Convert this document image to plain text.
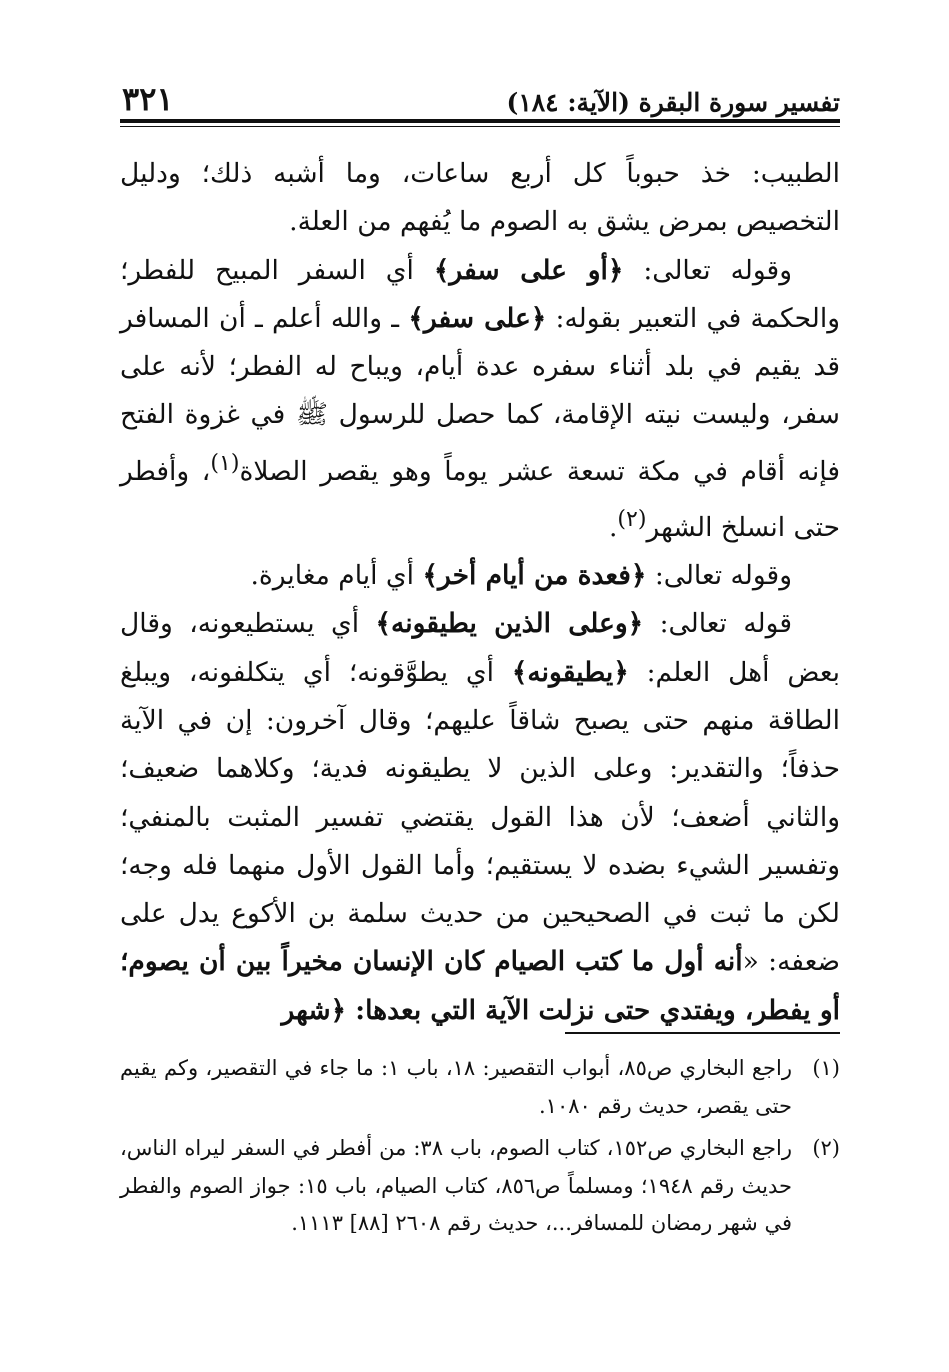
تفسير سورة البقرة (الآية: ١٨٤)
٣٢١

الطبيب: خذ حبوباً كل أربع ساعات، وما أشبه ذلك؛ ودليل التخصيص بمرض يشق به الصوم ما يُفهم من العلة.

وقوله تعالى: ﴿أو على سفر﴾ أي السفر المبيح للفطر؛ والحكمة في التعبير بقوله: ﴿على سفر﴾ ـ والله أعلم ـ أن المسافر قد يقيم في بلد أثناء سفره عدة أيام، ويباح له الفطر؛ لأنه على سفر، وليست نيته الإقامة، كما حصل للرسول ﷺ في غزوة الفتح فإنه أقام في مكة تسعة عشر يوماً وهو يقصر الصلاة$^{(١)}$، وأفطر حتى انسلخ الشهر$^{(٢)}$.

وقوله تعالى: ﴿فعدة من أيام أخر﴾ أي أيام مغايرة.

قوله تعالى: ﴿وعلى الذين يطيقونه﴾ أي يستطيعونه، وقال بعض أهل العلم: ﴿يطيقونه﴾ أي يطوَّقونه؛ أي يتكلفونه، ويبلغ الطاقة منهم حتى يصبح شاقاً عليهم؛ وقال آخرون: إن في الآية حذفاً؛ والتقدير: وعلى الذين لا يطيقونه فدية؛ وكلاهما ضعيف؛ والثاني أضعف؛ لأن هذا القول يقتضي تفسير المثبت بالمنفي؛ وتفسير الشيء بضده لا يستقيم؛ وأما القول الأول منهما فله وجه؛ لكن ما ثبت في الصحيحين من حديث سلمة بن الأكوع يدل على ضعفه: «أنه أول ما كتب الصيام كان الإنسان مخيراً بين أن يصوم؛ أو يفطر، ويفتدي حتى نزلت الآية التي بعدها: ﴿شهر

(١)
راجع البخاري ص٨٥، أبواب التقصير: ١٨، باب ١: ما جاء في التقصير، وكم يقيم حتى يقصر، حديث رقم ١٠٨٠.
(٢)
راجع البخاري ص١٥٢، كتاب الصوم، باب ٣٨: من أفطر في السفر ليراه الناس، حديث رقم ١٩٤٨؛ ومسلماً ص٨٥٦، كتاب الصيام، باب ١٥: جواز الصوم والفطر في شهر رمضان للمسافر...، حديث رقم ٢٦٠٨ [٨٨] ١١١٣.
